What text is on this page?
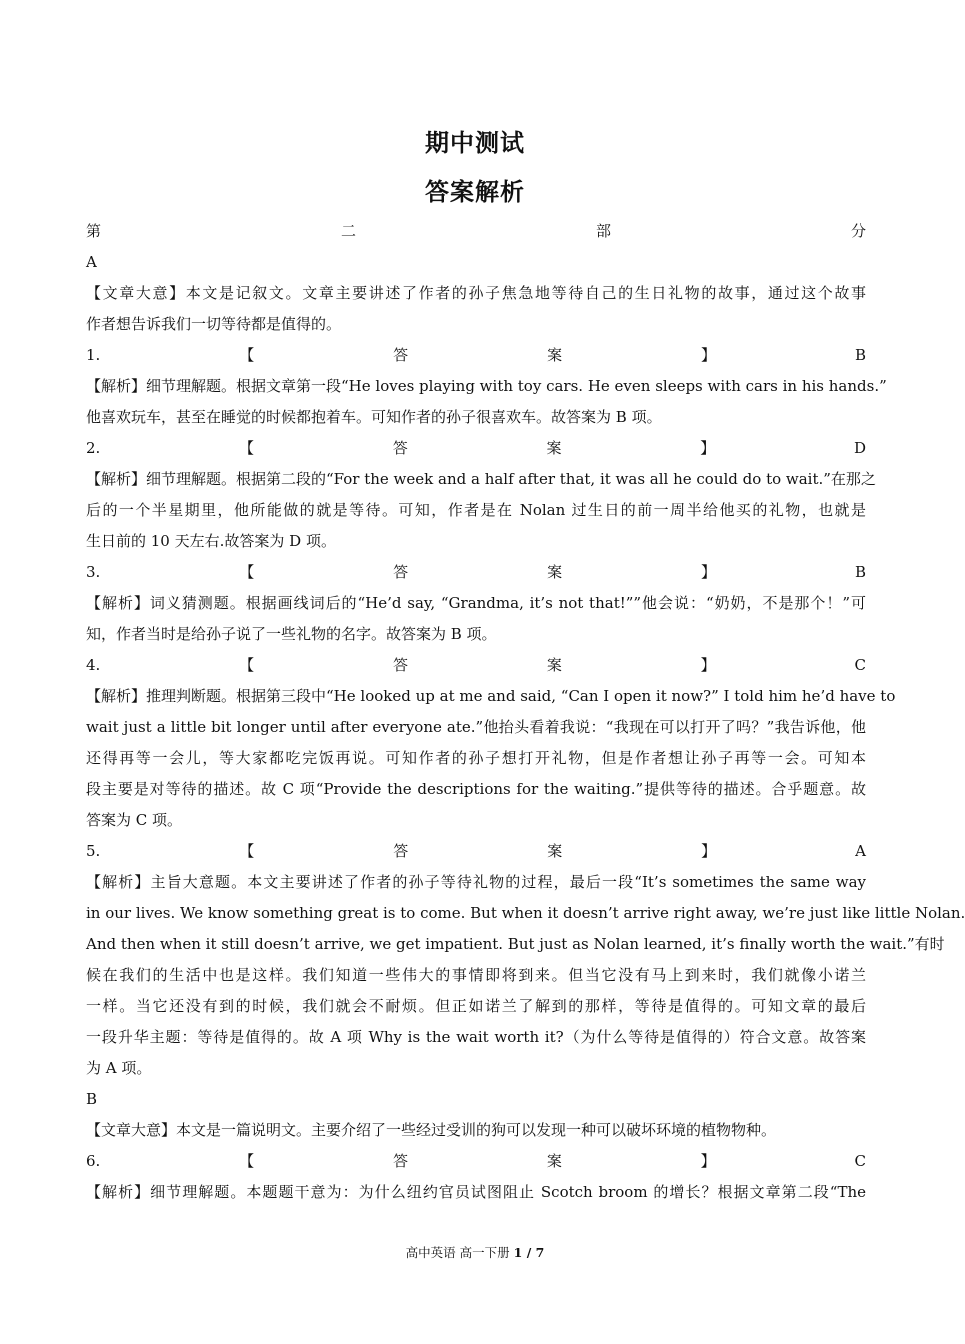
期中测试
答案解析
第二部分
A
【文章大意】本文是记叙文。文章主要讲述了作者的孙子焦急地等待自己的生日礼物的故事，通过这个故事
作者想告诉我们一切等待都是值得的。
1.【答案】B
【解析】细节理解题。根据文章第一段“He loves playing with toy cars. He even sleeps with cars in his hands.”
他喜欢玩车，甚至在睡觉的时候都抱着车。可知作者的孙子很喜欢车。故答案为 B 项。
2.【答案】D
【解析】细节理解题。根据第二段的“For the week and a half after that, it was all he could do to wait.”在那之
后的一个半星期里，他所能做的就是等待。可知，作者是在 Nolan 过生日的前一周半给他买的礼物，也就是
生日前的 10 天左右.故答案为 D 项。
3.【答案】B
【解析】词义猜测题。根据画线词后的“He’d say, “Grandma, it’s not that!””他会说：“奶奶，不是那个！”可
知，作者当时是给孙子说了一些礼物的名字。故答案为 B 项。
4.【答案】C
【解析】推理判断题。根据第三段中“He looked up at me and said, “Can I open it now?” I told him he’d have to
wait just a little bit longer until after everyone ate.”他抬头看着我说：“我现在可以打开了吗？”我告诉他，他
还得再等一会儿，等大家都吃完饭再说。可知作者的孙子想打开礼物，但是作者想让孙子再等一会。可知本
段主要是对等待的描述。故 C 项“Provide the descriptions for the waiting.”提供等待的描述。合乎题意。故
答案为 C 项。
5.【答案】A
【解析】主旨大意题。本文主要讲述了作者的孙子等待礼物的过程，最后一段“It’s sometimes the same way
in our lives. We know something great is to come. But when it doesn’t arrive right away, we’re just like little Nolan.
And then when it still doesn’t arrive, we get impatient. But just as Nolan learned, it’s finally worth the wait.”有时
候在我们的生活中也是这样。我们知道一些伟大的事情即将到来。但当它没有马上到来时，我们就像小诺兰
一样。当它还没有到的时候，我们就会不耐烦。但正如诺兰了解到的那样，等待是值得的。可知文章的最后
一段升华主题：等待是值得的。故 A 项 Why is the wait worth it?（为什么等待是值得的）符合文意。故答案
为 A 项。
B
【文章大意】本文是一篇说明文。主要介绍了一些经过受训的狗可以发现一种可以破坏环境的植物物种。
6.【答案】C
【解析】细节理解题。本题题干意为：为什么纽约官员试图阻止 Scotch broom 的增长？根据文章第二段“The
高中英语 高一下册 1 / 7
